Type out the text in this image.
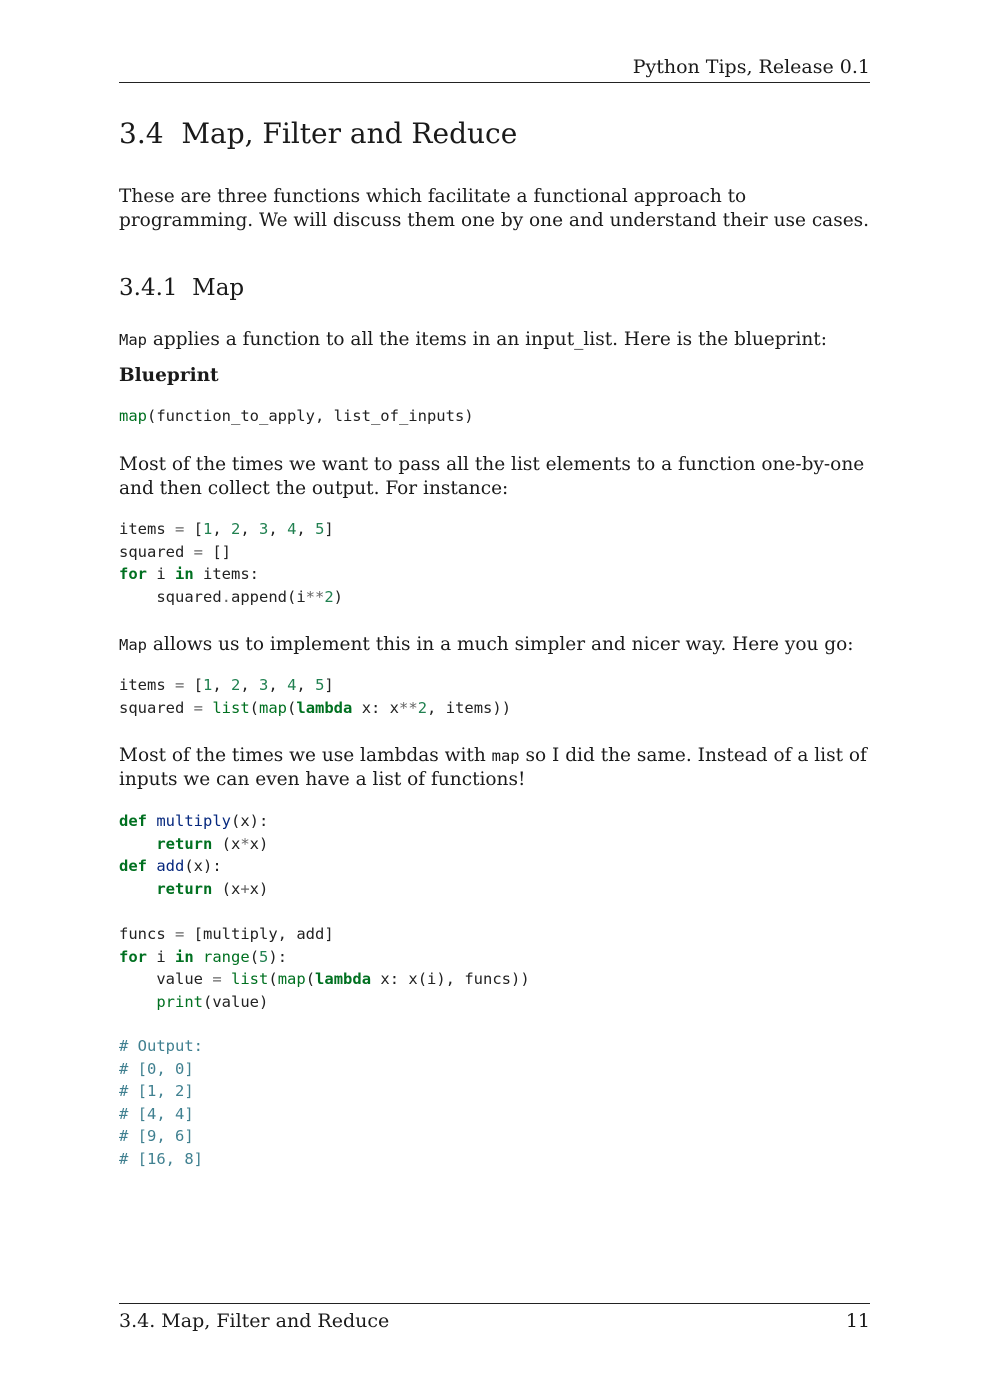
Python Tips, Release 0.1
3.4 Map, Filter and Reduce
These are three functions which facilitate a functional approach to programming. We will discuss them one by one and understand their use cases.
3.4.1 Map
Map applies a function to all the items in an input_list. Here is the blueprint:
Blueprint
map(function_to_apply, list_of_inputs)
Most of the times we want to pass all the list elements to a function one-by-one and then collect the output. For instance:
items = [1, 2, 3, 4, 5]
squared = []
for i in items:
squared.append(i**2)
Map allows us to implement this in a much simpler and nicer way. Here you go:
items = [1, 2, 3, 4, 5]
squared = list(map(lambda x: x**2, items))
Most of the times we use lambdas with map so I did the same. Instead of a list of inputs we can even have a list of functions!
def multiply(x):
return (x*x)
def add(x):
return (x+x)

funcs = [multiply, add]
for i in range(5):
value = list(map(lambda x: x(i), funcs))
print(value)

# Output:
# [0, 0]
# [1, 2]
# [4, 4]
# [9, 6]
# [16, 8]
3.4. Map, Filter and Reduce	11
